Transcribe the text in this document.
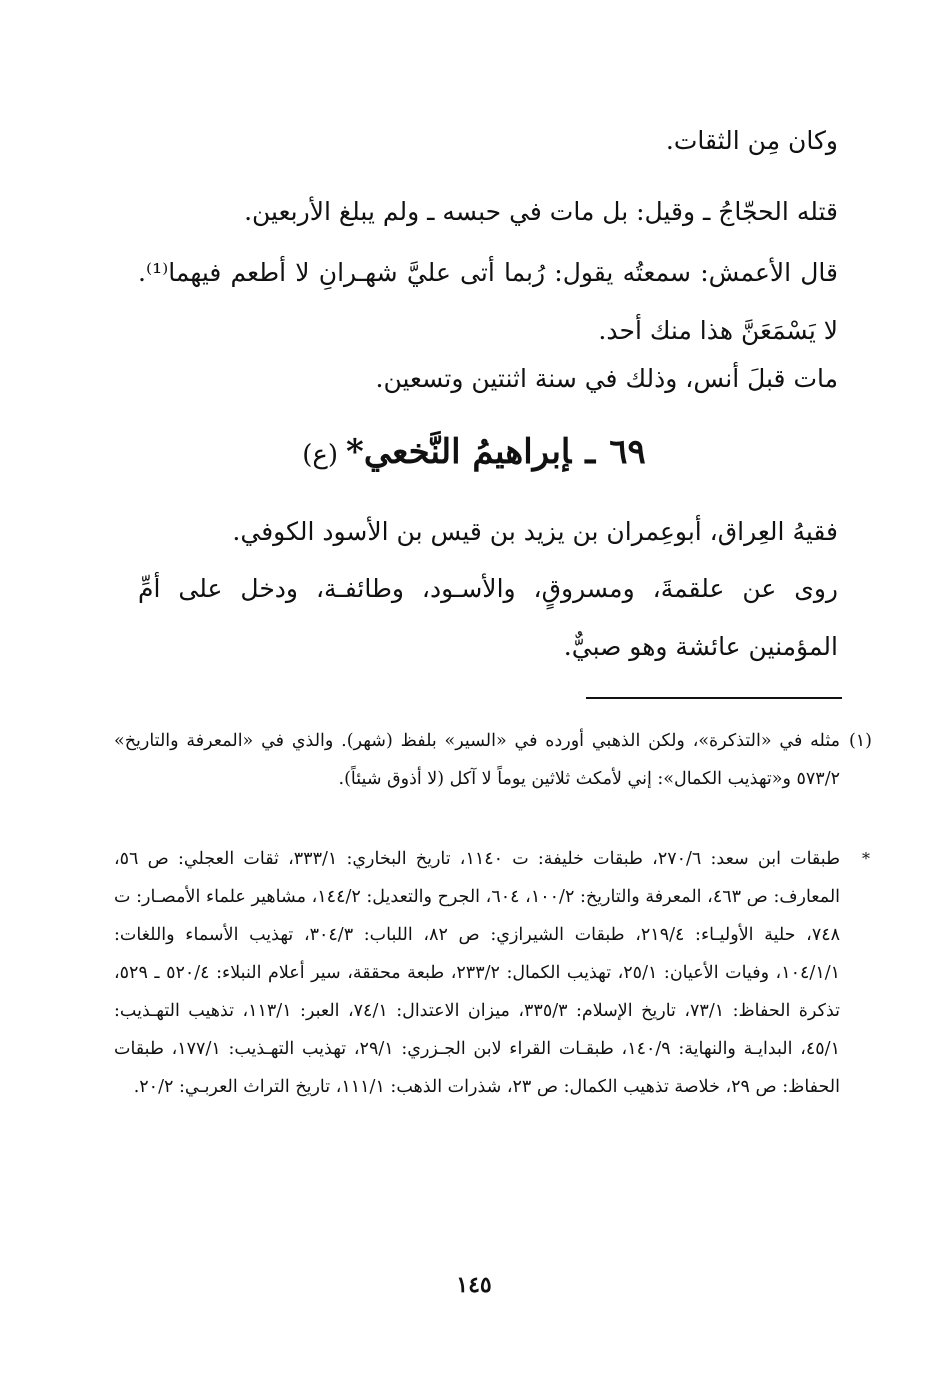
وكان مِن الثقات.

قتله الحجّاجُ ـ وقيل: بل مات في حبسه ـ ولم يبلغ الأربعين.

قال الأعمش: سمعتُه يقول: رُبما أتى عليَّ شهـرانِ لا أطعم فيهما⁽¹⁾. لا يَسْمَعَنَّ هذا منك أحد.

مات قبلَ أنس، وذلك في سنة اثنتين وتسعين.

٦٩ـإبراهيمُ النَّخعي*(ع)

فقيهُ العِراق، أبوعِمران بن يزيد بن قيس بن الأسود الكوفي.

روى عن علقمةَ، ومسروقٍ، والأسـود، وطائفـة، ودخل على أمِّ المؤمنين عائشة وهو صبيٌّ.

(١)
مثله في «التذكرة»، ولكن الذهبي أورده في «السير» بلفظ (شهر). والذي في «المعرفة والتاريخ» ٥٧٣/٢ و«تهذيب الكمال»: إني لأمكث ثلاثين يوماً لا آكل (لا أذوق شيئاً).

*
طبقات ابن سعد: ٢٧٠/٦، طبقات خليفة: ت ١١٤٠، تاريخ البخاري: ٣٣٣/١، ثقات العجلي: ص ٥٦، المعارف: ص ٤٦٣، المعرفة والتاريخ: ١٠٠/٢، ٦٠٤، الجرح والتعديل: ١٤٤/٢، مشاهير علماء الأمصـار: ت ٧٤٨، حلية الأوليـاء: ٢١٩/٤، طبقات الشيرازي: ص ٨٢، اللباب: ٣٠٤/٣، تهذيب الأسماء واللغات: ١٠٤/١/١، وفيات الأعيان: ٢٥/١، تهذيب الكمال: ٢٣٣/٢، طبعة محققة، سير أعلام النبلاء: ٥٢٠/٤ ـ ٥٢٩، تذكرة الحفاظ: ٧٣/١، تاريخ الإسلام: ٣٣٥/٣، ميزان الاعتدال: ٧٤/١، العبر: ١١٣/١، تذهيب التهـذيب: ٤٥/١، البدايـة والنهاية: ١٤٠/٩، طبقـات القراء لابن الجـزري: ٢٩/١، تهذيب التهـذيب: ١٧٧/١، طبقات الحفاظ: ص ٢٩، خلاصة تذهيب الكمال: ص ٢٣، شذرات الذهب: ١١١/١، تاريخ التراث العربـي: ٢٠/٢.

١٤٥
